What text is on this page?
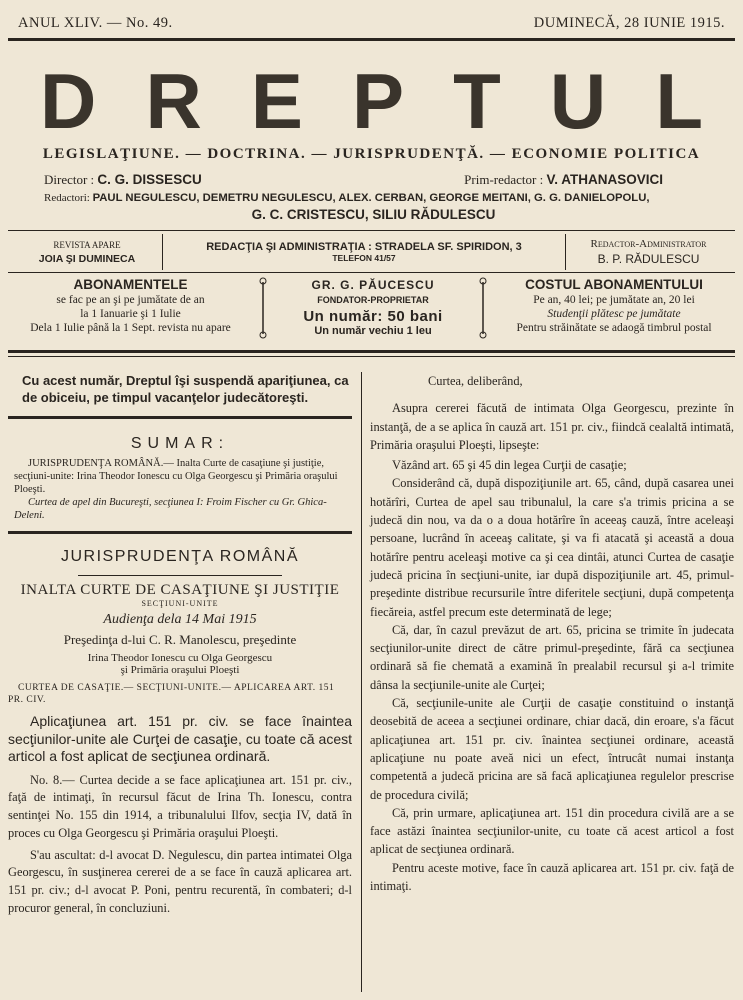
ANUL XLIV. — No. 49.	DUMINECĂ, 28 IUNIE 1915.
D R E P T U L
LEGISLAŢIUNE. — DOCTRINA. — JURISPRUDENŢĂ. — ECONOMIE POLITICA
Director : C. G. DISSESCU	Prim-redactor : V. ATHANASOVICI
Redactori: PAUL NEGULESCU, DEMETRU NEGULESCU, ALEX. CERBAN, GEORGE MEITANI, G. G. DANIELOPOLU,
G. C. CRISTESCU, SILIU RĂDULESCU
REVISTA APARE
JOIA ŞI DUMINECA
REDACŢIA ŞI ADMINISTRAŢIA : STRADELA SF. SPIRIDON, 3
TELEFON 41/57
Redactor-Administrator
B. P. RĂDULESCU
ABONAMENTELE
se fac pe an şi pe jumătate de an
la 1 Ianuarie şi 1 Iulie
Dela 1 Iulie până la 1 Sept. revista nu apare
GR. G. PĂUCESCU
FONDATOR-PROPRIETAR
Un număr: 50 bani
Un număr vechiu 1 leu
COSTUL ABONAMENTULUI
Pe an, 40 lei; pe jumătate an, 20 lei
Studenţii plătesc pe jumătate
Pentru străinătate se adaogă timbrul postal
Cu acest număr, Dreptul îşi suspendă apariţiunea, ca
de obiceiu, pe timpul vacanţelor judecătoreşti.
SUMAR:
JURISPRUDENŢA ROMÂNĂ.— Inalta Curte de casaţiune şi justiţie, secţiuni-unite: Irina Theodor Ionescu cu Olga Georgescu şi Primăria oraşului Ploeşti.
Curtea de apel din Bucureşti, secţiunea I: Froim Fischer cu Gr. Ghica-Deleni.
JURISPRUDENŢA ROMÂNĂ
INALTA CURTE DE CASAŢIUNE ŞI JUSTIŢIE
SECŢIUNI-UNITE
Audienţa dela 14 Mai 1915
Preşedinţa d-lui C. R. Manolescu, preşedinte
Irina Theodor Ionescu cu Olga Georgescu
şi Primăria oraşului Ploeşti
CURTEA DE CASAŢIE.— SECŢIUNI-UNITE.— APLICAREA ART. 151 PR. CIV.
Aplicaţiunea art. 151 pr. civ. se face înaintea secţiunilor-unite ale Curţei de casaţie, cu toate că acest articol a fost aplicat de secţiunea ordinară.

No. 8.— Curtea decide a se face aplicaţiunea art. 151 pr. civ., faţă de intimaţi, în recursul făcut de Irina Th. Ionescu, contra sentinţei No. 155 din 1914, a tribunalului Ilfov, secţia IV, dată în proces cu Olga Georgescu şi Primăria oraşului Ploeşti.

S'au ascultat: d-l avocat D. Negulescu, din partea intimatei Olga Georgescu, în susţinerea cererei de a se face în cauză aplicarea art. 151 pr. civ.; d-l avocat P. Poni, pentru recurentă, în combateri; d-l procuror general, în concluziuni.

Curtea, deliberând,

Asupra cererei făcută de intimata Olga Georgescu, prezinte în instanţă, de a se aplica în cauză art. 151 pr. civ., fiindcă cealaltă intimată, Primăria oraşului Ploeşti, lipseşte:

Văzând art. 65 şi 45 din legea Curţii de casaţie;

Considerând că, după dispoziţiunile art. 65, când, după casarea unei hotărîri, Curtea de apel sau tribunalul, la care s'a trimis pricina a se judecă din nou, va da o a doua hotărîre în aceeaş cauză, între aceleaşi persoane, lucrând în aceeaş calitate, şi va fi atacată şi această a doua hotărîre pentru aceleaşi motive ca şi cea dintâi, atunci Curtea de casaţie judecă pricina în secţiuni-unite, iar după dispoziţiunile art. 45, primul-preşedinte distribue recursurile între diferitele secţiuni, după competenţa fiecăreia, astfel precum este determinată de lege;

Că, dar, în cazul prevăzut de art. 65, pricina se trimite în judecata secţiunilor-unite direct de către primul-preşedinte, fără ca secţiunea ordinară să fie chemată a examină în prealabil recursul şi a-l trimite dânsa la secţiunile-unite ale Curţei;

Că, secţiunile-unite ale Curţii de casaţie constituind o instanţă deosebită de aceea a secţiunei ordinare, chiar dacă, din eroare, s'a făcut aplicaţiunea art. 151 pr. civ. înaintea secţiunei ordinare, această aplicaţiune nu poate aveă nici un efect, întrucât numai instanţa competentă a judecă pricina are să facă aplicaţiunea regulelor prescrise de procedura civilă;

Că, prin urmare, aplicaţiunea art. 151 din procedura civilă are a se face astăzi înaintea secţiunilor-unite, cu toate că acest articol a fost aplicat de secţiunea ordinară.

Pentru aceste motive, face în cauză aplicarea art. 151 pr. civ. faţă de intimaţi.
